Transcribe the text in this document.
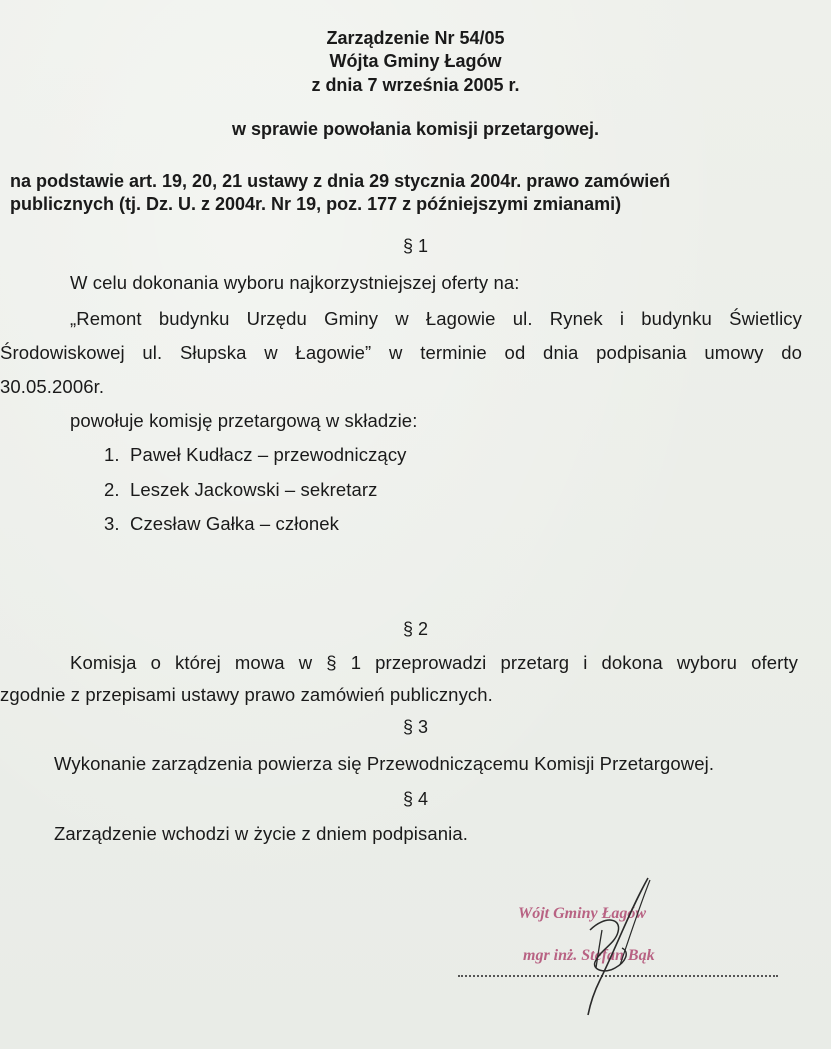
Zarządzenie Nr 54/05
Wójta Gminy Łagów
z dnia 7 września 2005 r.
w sprawie powołania komisji przetargowej.
na podstawie art. 19, 20, 21 ustawy z dnia 29 stycznia 2004r. prawo zamówień
publicznych (tj. Dz. U. z 2004r. Nr 19, poz. 177 z późniejszymi zmianami)
§ 1
W celu dokonania wyboru najkorzystniejszej oferty na:
„Remont budynku Urzędu Gminy w Łagowie ul. Rynek i budynku Świetlicy
Środowiskowej ul. Słupska w Łagowie” w terminie od dnia podpisania umowy do
30.05.2006r.
powołuje komisję przetargową w składzie:
1. Paweł Kudłacz – przewodniczący
2. Leszek Jackowski – sekretarz
3. Czesław Gałka – członek
§ 2
Komisja o której mowa w § 1 przeprowadzi przetarg i dokona wyboru oferty
zgodnie z przepisami ustawy prawo zamówień publicznych.
§ 3
Wykonanie zarządzenia powierza się Przewodniczącemu Komisji Przetargowej.
§ 4
Zarządzenie wchodzi w życie z dniem podpisania.
Wójt Gminy Łagów
mgr inż. Stefan Bąk
